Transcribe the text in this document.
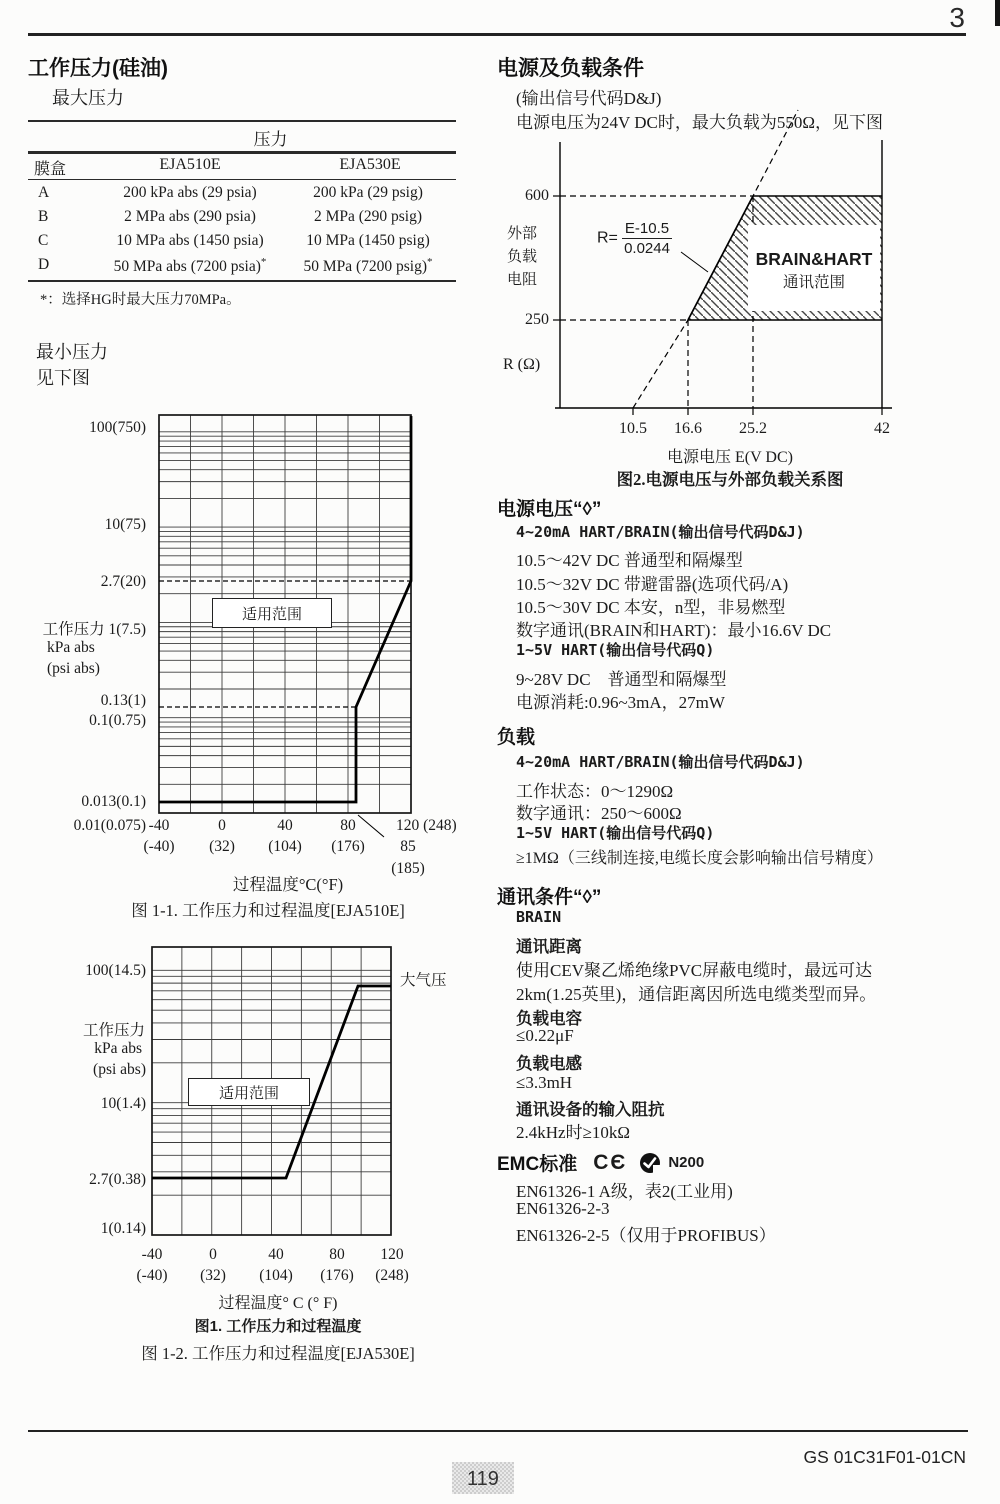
3
工作压力(硅油)
最大压力
压力
膜盒	EJA510E	EJA530E
A	200 kPa abs (29 psia)	200 kPa (29 psig)
B	2 MPa abs (290 psia)	2 MPa (290 psig)
C	10 MPa abs (1450 psia)	10 MPa (1450 psig)
D	50 MPa abs (7200 psia)*	50 MPa (7200 psig)*
*：选择HG时最大压力70MPa。
最小压力
见下图
适用范围
100(750)
10(75)
2.7(20)
工作压力 1(7.5)
kPa abs
(psi abs)
0.13(1)
0.1(0.75)
0.013(0.1)
0.01(0.075) -40	0	40	80	120 (248)
(-40)	(32)	(104)	(176)	85
(185)
过程温度°C(°F)
图 1-1. 工作压力和过程温度[EJA510E]
适用范围
大气压
100(14.5)
工作压力
kPa abs
(psi abs)
10(1.4)
2.7(0.38)
1(0.14)
-40	0	40	80	120
(-40)	(32)	(104)	(176)	(248)
过程温度° C (° F)
图1. 工作压力和过程温度
图 1-2. 工作压力和过程温度[EJA530E]
电源及负载条件
(输出信号代码D&J)
电源电压为24V DC时，最大负载为550Ω，见下图
BRAIN&HART
通讯范围
$R= \frac{E-10.5}{0.0244}$
600
250
外部
负载
电阻
R (Ω)
10.5	16.6	25.2	42
电源电压 E(V DC)
图2.电源电压与外部负载关系图
电源电压“◊”
4~20mA HART/BRAIN(输出信号代码D&J)
10.5～42V DC 普通型和隔爆型
10.5～32V DC 带避雷器(选项代码/A)
10.5～30V DC 本安，n型，非易燃型
数字通讯(BRAIN和HART)：最小16.6V DC
1~5V HART(输出信号代码Q)
9~28V DC　普通型和隔爆型
电源消耗:0.96~3mA，27mW
负载
4~20mA HART/BRAIN(输出信号代码D&J)
工作状态：0～1290Ω
数字通讯：250～600Ω
1~5V HART(输出信号代码Q)
≥1MΩ（三线制连接,电缆长度会影响输出信号精度）
通讯条件“◊”
BRAIN
通讯距离
使用CEV聚乙烯绝缘PVC屏蔽电缆时，最远可达
2km(1.25英里)，通信距离因所选电缆类型而异。
负载电容
≤0.22μF
负载电感
≤3.3mH
通讯设备的输入阻抗
2.4kHz时≥10kΩ
EMC标准 CЄ	N200
EN61326-1 A级，表2(工业用)
EN61326-2-3
EN61326-2-5（仅用于PROFIBUS）
GS 01C31F01-01CN
119
